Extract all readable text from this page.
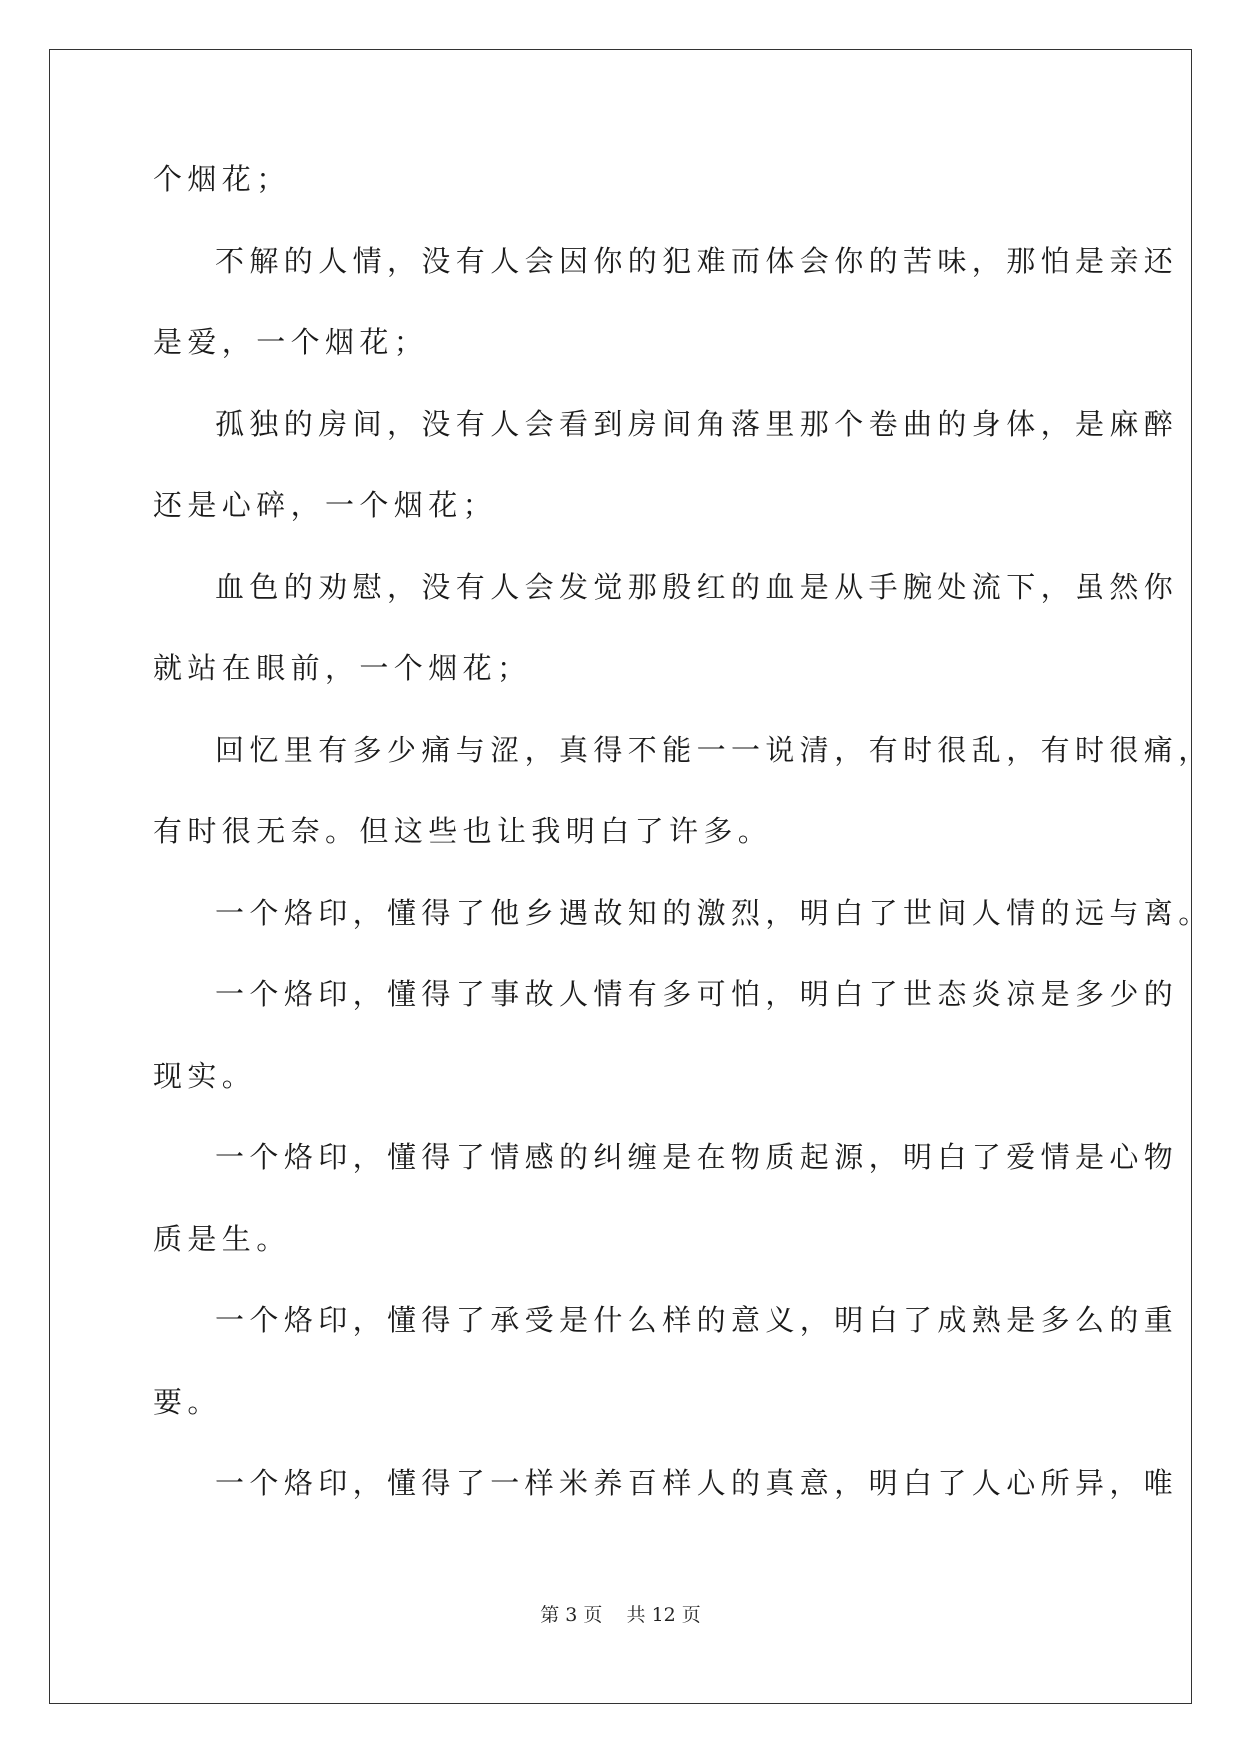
个烟花；
不解的人情，没有人会因你的犯难而体会你的苦味，那怕是亲还
是爱，一个烟花；
孤独的房间，没有人会看到房间角落里那个卷曲的身体，是麻醉
还是心碎，一个烟花；
血色的劝慰，没有人会发觉那殷红的血是从手腕处流下，虽然你
就站在眼前，一个烟花；
回忆里有多少痛与涩，真得不能一一说清，有时很乱，有时很痛，
有时很无奈。但这些也让我明白了许多。
一个烙印，懂得了他乡遇故知的激烈，明白了世间人情的远与离。
一个烙印，懂得了事故人情有多可怕，明白了世态炎凉是多少的
现实。
一个烙印，懂得了情感的纠缠是在物质起源，明白了爱情是心物
质是生。
一个烙印，懂得了承受是什么样的意义，明白了成熟是多么的重
要。
一个烙印，懂得了一样米养百样人的真意，明白了人心所异，唯
第 3 页    共 12 页
